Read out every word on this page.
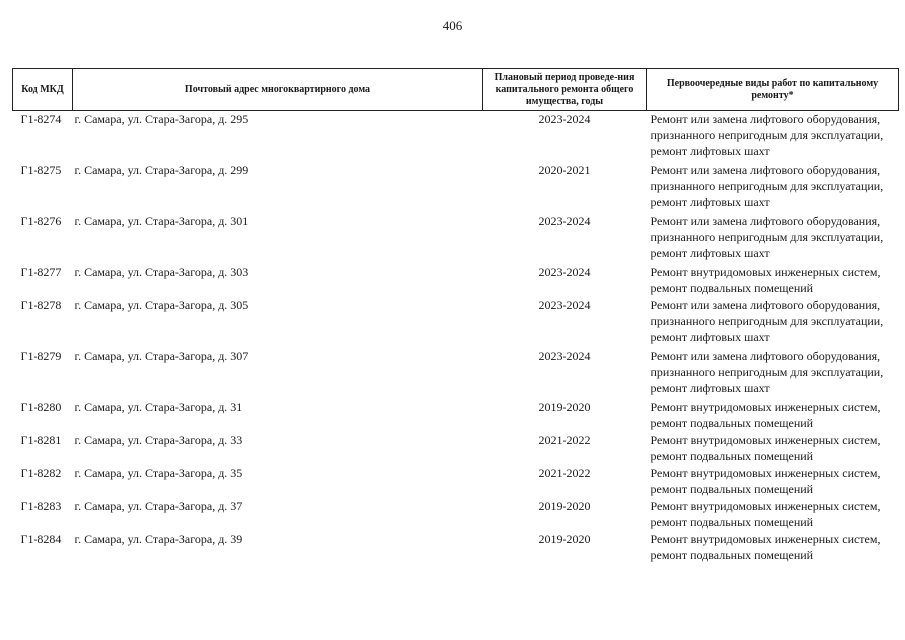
406
Код МКД	Почтовый адрес многоквартирного дома	Плановый период проведе-ния капитального ремонта общего имущества, годы	Первоочередные виды работ по капитальному ремонту*
Г1-8274	г. Самара, ул. Стара-Загора, д. 295	2023-2024	Ремонт или замена лифтового оборудования, признанного непригодным для эксплуатации, ремонт лифтовых шахт
Г1-8275	г. Самара, ул. Стара-Загора, д. 299	2020-2021	Ремонт или замена лифтового оборудования, признанного непригодным для эксплуатации, ремонт лифтовых шахт
Г1-8276	г. Самара, ул. Стара-Загора, д. 301	2023-2024	Ремонт или замена лифтового оборудования, признанного непригодным для эксплуатации, ремонт лифтовых шахт
Г1-8277	г. Самара, ул. Стара-Загора, д. 303	2023-2024	Ремонт внутридомовых инженерных систем, ремонт подвальных помещений
Г1-8278	г. Самара, ул. Стара-Загора, д. 305	2023-2024	Ремонт или замена лифтового оборудования, признанного непригодным для эксплуатации, ремонт лифтовых шахт
Г1-8279	г. Самара, ул. Стара-Загора, д. 307	2023-2024	Ремонт или замена лифтового оборудования, признанного непригодным для эксплуатации, ремонт лифтовых шахт
Г1-8280	г. Самара, ул. Стара-Загора, д. 31	2019-2020	Ремонт внутридомовых инженерных систем, ремонт подвальных помещений
Г1-8281	г. Самара, ул. Стара-Загора, д. 33	2021-2022	Ремонт внутридомовых инженерных систем, ремонт подвальных помещений
Г1-8282	г. Самара, ул. Стара-Загора, д. 35	2021-2022	Ремонт внутридомовых инженерных систем, ремонт подвальных помещений
Г1-8283	г. Самара, ул. Стара-Загора, д. 37	2019-2020	Ремонт внутридомовых инженерных систем, ремонт подвальных помещений
Г1-8284	г. Самара, ул. Стара-Загора, д. 39	2019-2020	Ремонт внутридомовых инженерных систем, ремонт подвальных помещений
